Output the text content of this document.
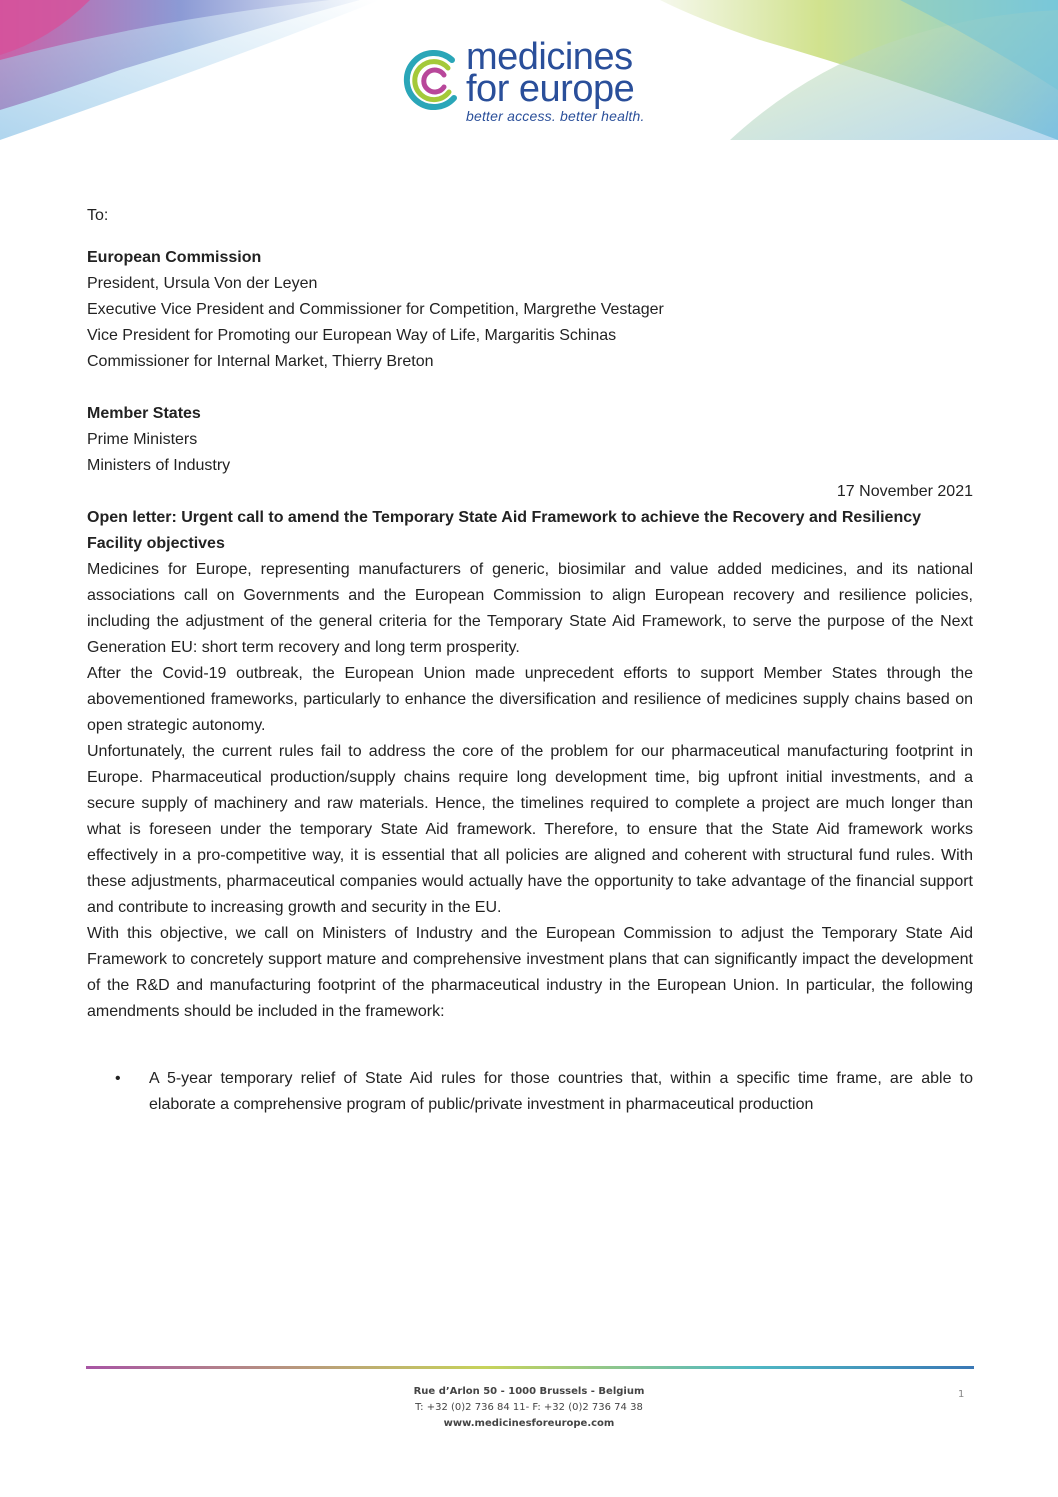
medicines
for europe
better access. better health.

To:

European Commission

President, Ursula Von der Leyen

Executive Vice President and Commissioner for Competition, Margrethe Vestager

Vice President for Promoting our European Way of Life, Margaritis Schinas

Commissioner for Internal Market, Thierry Breton

Member States

Prime Ministers

Ministers of Industry

17 November 2021

Open letter: Urgent call to amend the Temporary State Aid Framework to achieve the Recovery and Resiliency Facility objectives

Medicines for Europe, representing manufacturers of generic, biosimilar and value added medicines, and its national associations call on Governments and the European Commission to align European recovery and resilience policies, including the adjustment of the general criteria for the Temporary State Aid Framework, to serve the purpose of the Next Generation EU: short term recovery and long term prosperity.

After the Covid-19 outbreak, the European Union made unprecedent efforts to support Member States through the abovementioned frameworks, particularly to enhance the diversification and resilience of medicines supply chains based on open strategic autonomy.

Unfortunately, the current rules fail to address the core of the problem for our pharmaceutical manufacturing footprint in Europe. Pharmaceutical production/supply chains require long development time, big upfront initial investments, and a secure supply of machinery and raw materials. Hence, the timelines required to complete a project are much longer than what is foreseen under the temporary State Aid framework. Therefore, to ensure that the State Aid framework works effectively in a pro-competitive way, it is essential that all policies are aligned and coherent with structural fund rules. With these adjustments, pharmaceutical companies would actually have the opportunity to take advantage of the financial support and contribute to increasing growth and security in the EU.

With this objective, we call on Ministers of Industry and the European Commission to adjust the Temporary State Aid Framework to concretely support mature and comprehensive investment plans that can significantly impact the development of the R&D and manufacturing footprint of the pharmaceutical industry in the European Union. In particular, the following amendments should be included in the framework:

• A 5-year temporary relief of State Aid rules for those countries that, within a specific time frame, are able to elaborate a comprehensive program of public/private investment in pharmaceutical production
Rue d’Arlon 50 - 1000 Brussels - Belgium
T: +32 (0)2 736 84 11- F: +32 (0)2 736 74 38
www.medicinesforeurope.com
1
